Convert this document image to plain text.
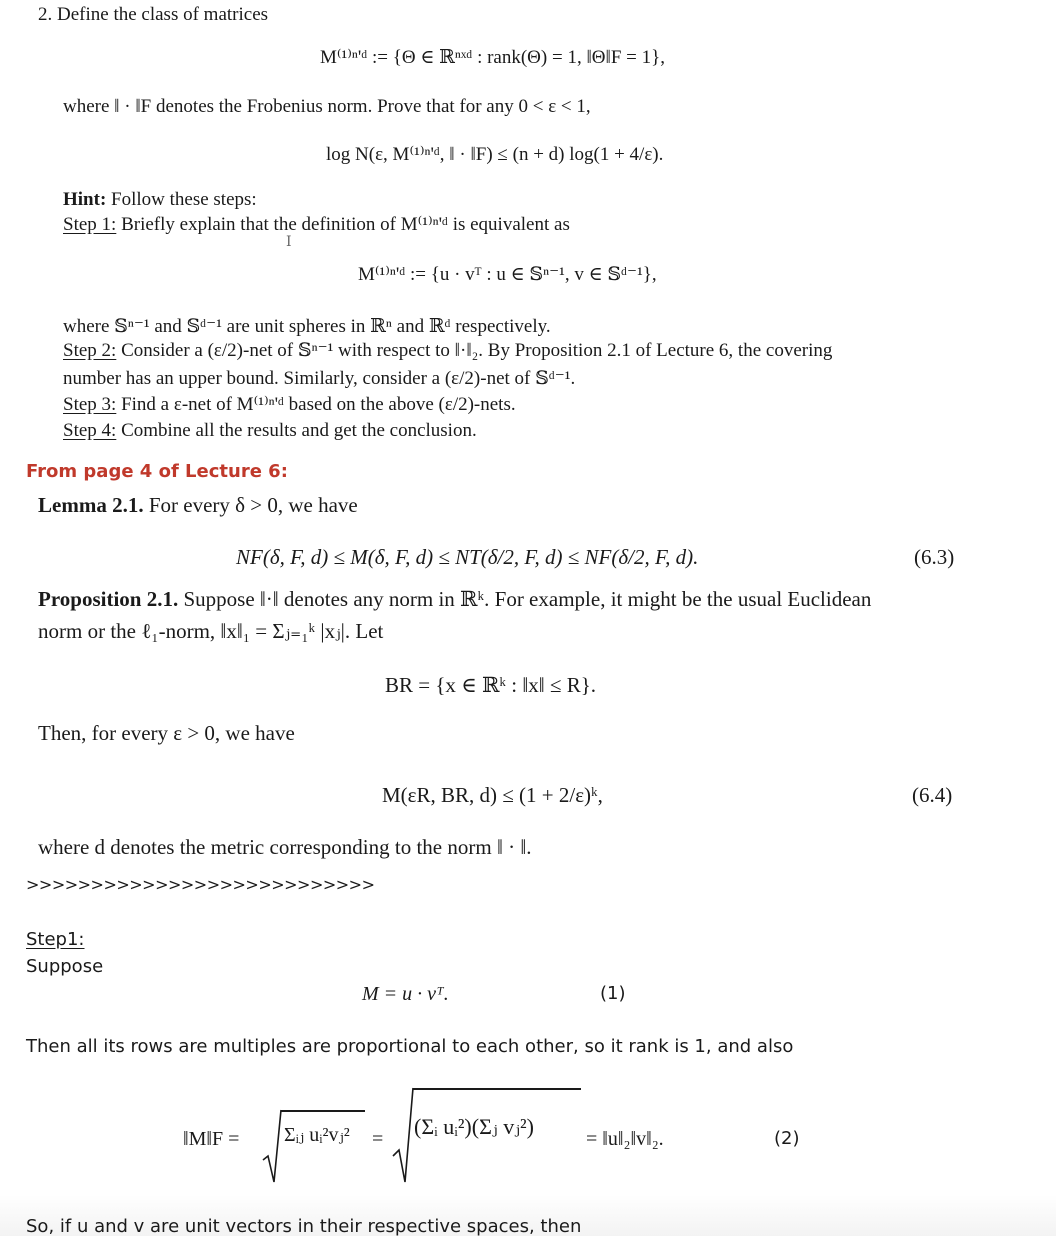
2. Define the class of matrices
M⁽¹⁾ⁿ'ᵈ := {Θ ∈ ℝⁿˣᵈ : rank(Θ) = 1, ‖Θ‖F = 1},
where ‖ · ‖F denotes the Frobenius norm. Prove that for any 0 < ε < 1,
log N(ε, M⁽¹⁾ⁿ'ᵈ, ‖ · ‖F) ≤ (n + d) log(1 + 4/ε).
Hint: Follow these steps:
Step 1: Briefly explain that the definition of M⁽¹⁾ⁿ'ᵈ is equivalent as
I
M⁽¹⁾ⁿ'ᵈ := {u · vᵀ : u ∈ 𝕊ⁿ⁻¹, v ∈ 𝕊ᵈ⁻¹},
where 𝕊ⁿ⁻¹ and 𝕊ᵈ⁻¹ are unit spheres in ℝⁿ and ℝᵈ respectively.
Step 2: Consider a (ε/2)-net of 𝕊ⁿ⁻¹ with respect to ‖·‖₂. By Proposition 2.1 of Lecture 6, the covering
number has an upper bound. Similarly, consider a (ε/2)-net of 𝕊ᵈ⁻¹.
Step 3: Find a ε-net of M⁽¹⁾ⁿ'ᵈ based on the above (ε/2)-nets.
Step 4: Combine all the results and get the conclusion.
From page 4 of Lecture 6:
Lemma 2.1. For every δ > 0, we have
NF(δ, F, d) ≤ M(δ, F, d) ≤ NT(δ/2, F, d) ≤ NF(δ/2, F, d).	(6.3)
Proposition 2.1. Suppose ‖·‖ denotes any norm in ℝᵏ. For example, it might be the usual Euclidean
norm or the ℓ₁-norm, ‖x‖₁ = Σⱼ₌₁ᵏ |xⱼ|. Let
BR = {x ∈ ℝᵏ : ‖x‖ ≤ R}.
Then, for every ε > 0, we have
M(εR, BR, d) ≤ (1 + 2/ε)ᵏ,	(6.4)
where d denotes the metric corresponding to the norm ‖ · ‖.
>>>>>>>>>>>>>>>>>>>>>>>>>>>
Step1:
Suppose
M = u · vᵀ.	(1)
Then all its rows are multiples are proportional to each other, so it rank is 1, and also
‖M‖F = Σᵢⱼ uᵢ²vⱼ² = (Σᵢ uᵢ²)(Σⱼ vⱼ²)	= ‖u‖₂‖v‖₂.	(2)
So, if u and v are unit vectors in their respective spaces, then
